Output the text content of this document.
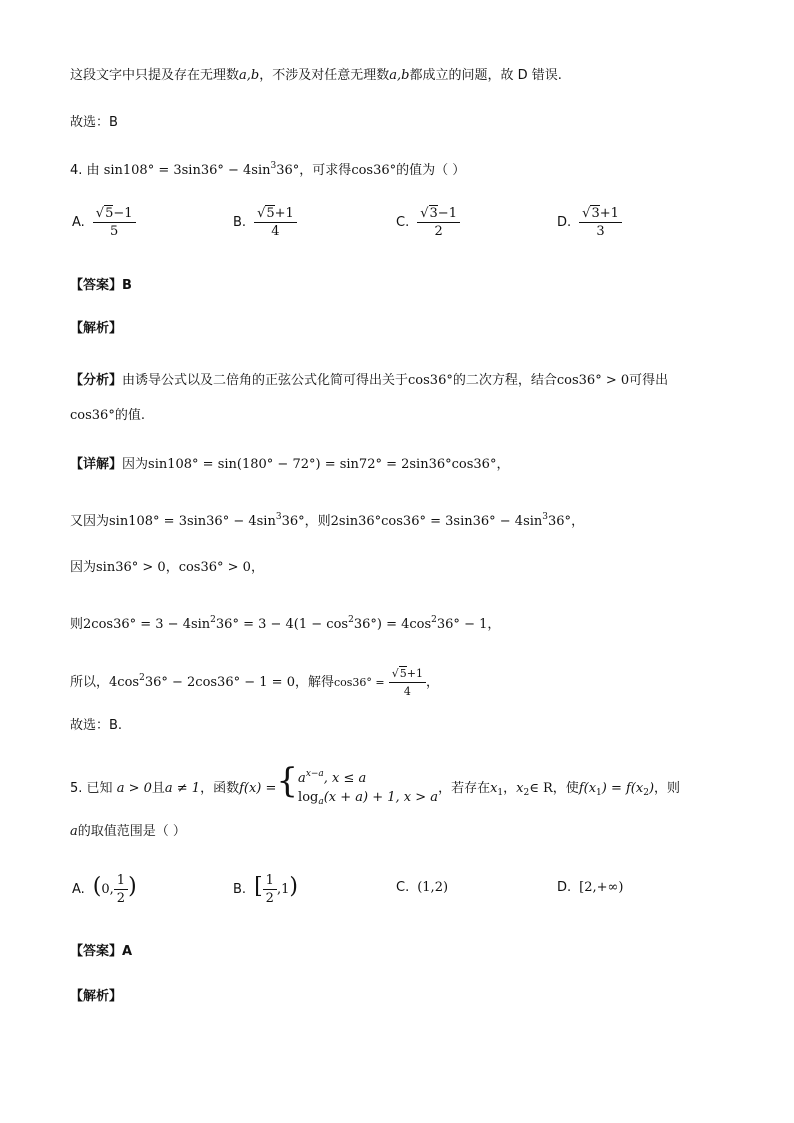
这段文字中只提及存在无理数a,b，不涉及对任意无理数a,b都成立的问题，故 D 错误.
故选：B
4. 由 $\sin 108^\circ = 3\sin 36^\circ - 4\sin^336^\circ$，可求得cos36°的值为（ ）
A. $\frac{√5-1}{5}$	B. $\frac{√5+1}{4}$	C. $\frac{√3-1}{2}$	D. $\frac{√3+1}{3}$
【答案】B
【解析】
【分析】由诱导公式以及二倍角的正弦公式化简可得出关于cos36°的二次方程，结合cos36° > 0可得出
cos36°的值.
【详解】因为sin108° = sin(180° − 72°) = sin72° = 2sin36°cos36°，
又因为$\sin 108^\circ = 3\sin 36^\circ - 4\sin^336^\circ$，则$2\sin 36^\circ\cos 36^\circ = 3\sin 36^\circ - 4\sin^336^\circ$，
因为sin36° > 0，cos36° > 0，
则$2\cos 36^\circ = 3 - 4\sin^236^\circ = 3 - 4(1 - \cos^236^\circ) = 4\cos^236^\circ - 1$，
所以，$4\cos^236^\circ - 2\cos 36^\circ - 1 = 0$，解得$\cos 36^\circ = \frac{√5+1}{4}$ ，
故选：B.
5. 已知 a > 0且a ≠ 1，函数f(x) ={ $a^{x-a}$, x ≤ a
$\log_a(x + a) + 1$, x > a
，若存在$x_1$，$x_2\in$ R，使$f(x_1) = f(x_2)$，则
a的取值范围是（ ）
A. (0, $\frac{1}{2}$ )	B. [ $\frac{1}{2} ,1$)	C. (1,2)	D. [2,+∞)
【答案】A
【解析】
